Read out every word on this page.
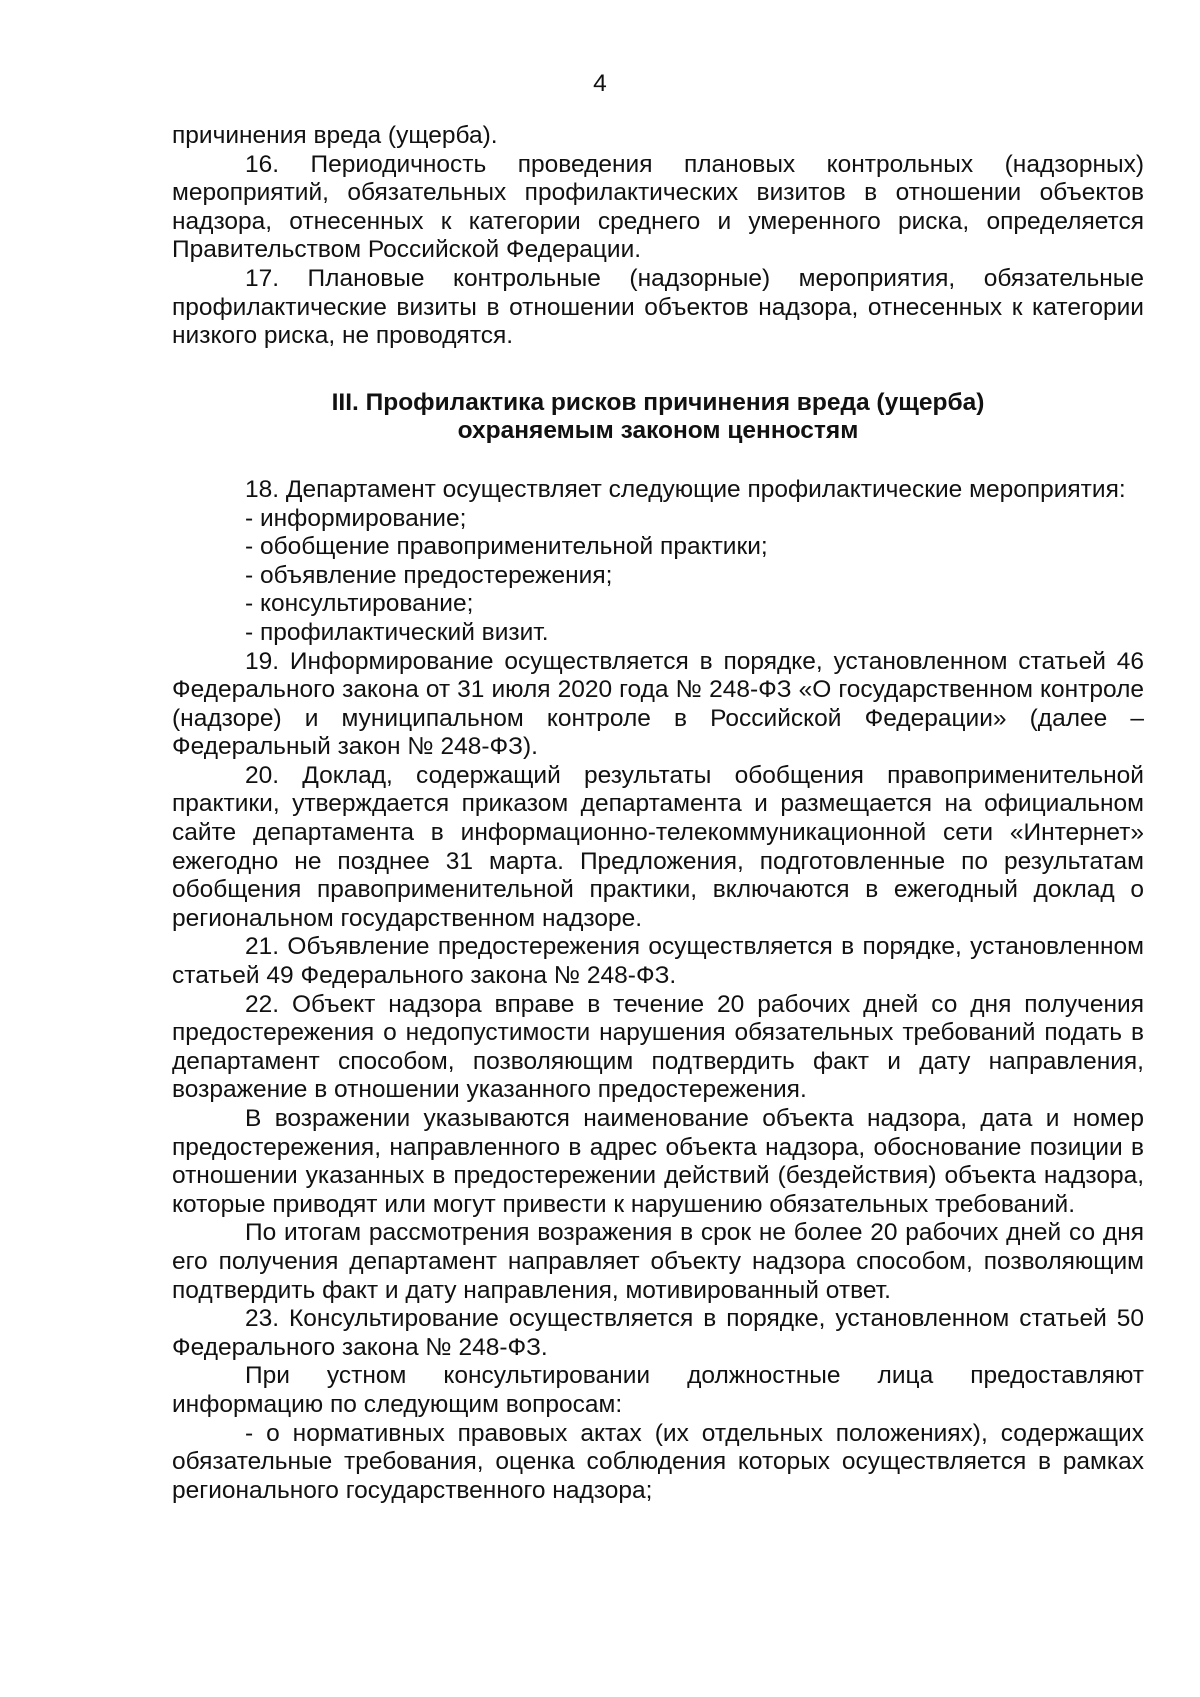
4

причинения вреда (ущерба).

16. Периодичность проведения плановых контрольных (надзорных) мероприятий, обязательных профилактических визитов в отношении объектов надзора, отнесенных к категории среднего и умеренного риска, определяется Правительством Российской Федерации.

17. Плановые контрольные (надзорные) мероприятия, обязательные профилактические визиты в отношении объектов надзора, отнесенных к категории низкого риска, не проводятся.

III. Профилактика рисков причинения вреда (ущерба)
охраняемым законом ценностям

18. Департамент осуществляет следующие профилактические мероприятия:

- информирование;

- обобщение правоприменительной практики;

- объявление предостережения;

- консультирование;

- профилактический визит.

19. Информирование осуществляется в порядке, установленном статьей 46 Федерального закона от 31 июля 2020 года № 248-ФЗ «О государственном контроле (надзоре) и муниципальном контроле в Российской Федерации» (далее – Федеральный закон № 248-ФЗ).

20. Доклад, содержащий результаты обобщения правоприменительной практики, утверждается приказом департамента и размещается на официальном сайте департамента в информационно-телекоммуникационной сети «Интернет» ежегодно не позднее 31 марта. Предложения, подготовленные по результатам обобщения правоприменительной практики, включаются в ежегодный доклад о региональном государственном надзоре.

21. Объявление предостережения осуществляется в порядке, установленном статьей 49 Федерального закона № 248-ФЗ.

22. Объект надзора вправе в течение 20 рабочих дней со дня получения предостережения о недопустимости нарушения обязательных требований подать в департамент способом, позволяющим подтвердить факт и дату направления, возражение в отношении указанного предостережения.

В возражении указываются наименование объекта надзора, дата и номер предостережения, направленного в адрес объекта надзора, обоснование позиции в отношении указанных в предостережении действий (бездействия) объекта надзора, которые приводят или могут привести к нарушению обязательных требований.

По итогам рассмотрения возражения в срок не более 20 рабочих дней со дня его получения департамент направляет объекту надзора способом, позволяющим подтвердить факт и дату направления, мотивированный ответ.

23. Консультирование осуществляется в порядке, установленном статьей 50 Федерального закона № 248-ФЗ.

При устном консультировании должностные лица предоставляют информацию по следующим вопросам:

- о нормативных правовых актах (их отдельных положениях), содержащих обязательные требования, оценка соблюдения которых осуществляется в рамках регионального государственного надзора;
